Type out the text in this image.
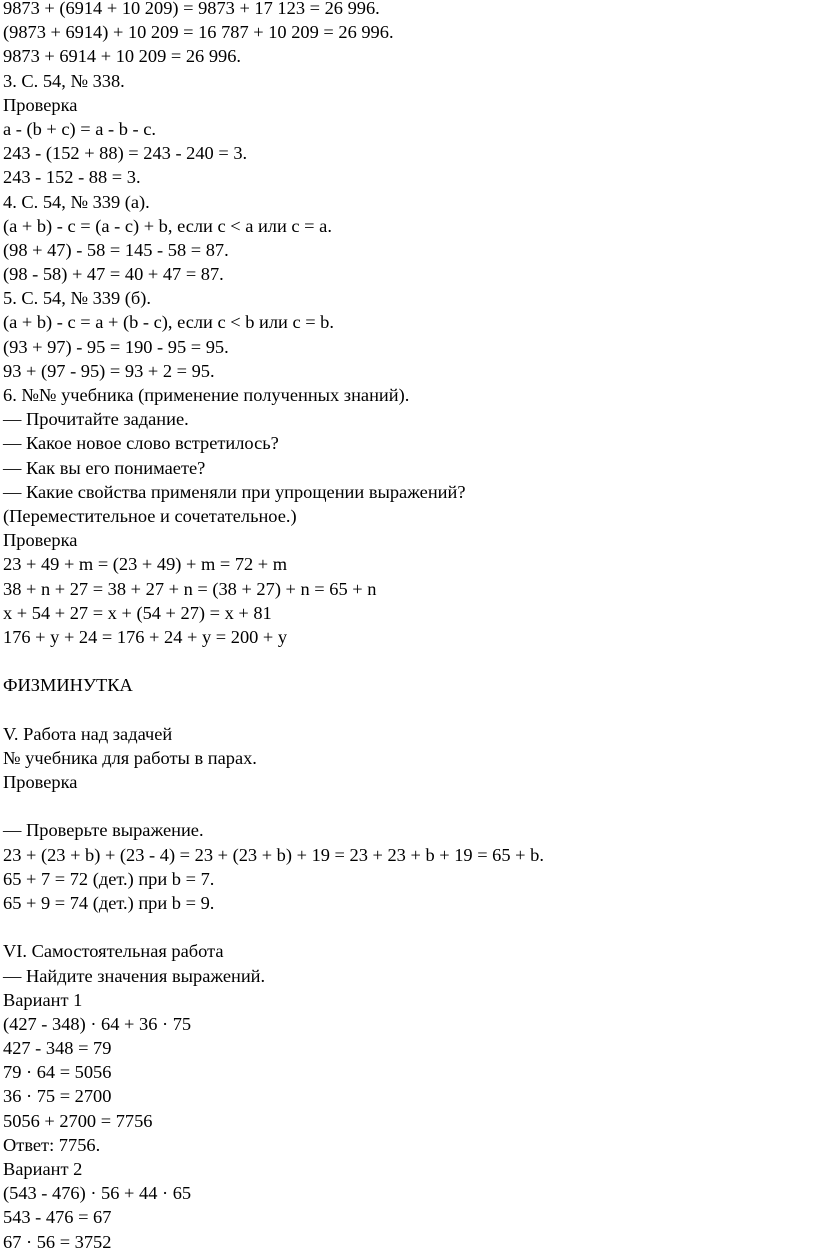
9873 + (6914 + 10 209) = 9873 + 17 123 = 26 996.
(9873 + 6914) + 10 209 = 16 787 + 10 209 = 26 996.
9873 + 6914 + 10 209 = 26 996.
3. С. 54, № 338.
Проверка
a - (b + c) = a - b - c.
243 - (152 + 88) = 243 - 240 = 3.
243 - 152 - 88 = 3.
4. С. 54, № 339 (а).
(a + b) - c = (a - c) + b, если c < a или c = a.
(98 + 47) - 58 = 145 - 58 = 87.
(98 - 58) + 47 = 40 + 47 = 87.
5. С. 54, № 339 (б).
(a + b) - c = a + (b - c), если c < b или c = b.
(93 + 97) - 95 = 190 - 95 = 95.
93 + (97 - 95) = 93 + 2 = 95.
6. №№ учебника (применение полученных знаний).
— Прочитайте задание.
— Какое новое слово встретилось?
— Как вы его понимаете?
— Какие свойства применяли при упрощении выражений?
(Переместительное и сочетательное.)
Проверка
23 + 49 + m = (23 + 49) + m = 72 + m
38 + n + 27 = 38 + 27 + n = (38 + 27) + n = 65 + n
x + 54 + 27 = x + (54 + 27) = x + 81
176 + y + 24 = 176 + 24 + y = 200 + y
ФИЗМИНУТКА
V. Работа над задачей
№ учебника для работы в парах.
Проверка
— Проверьте выражение.
23 + (23 + b) + (23 - 4) = 23 + (23 + b) + 19 = 23 + 23 + b + 19 = 65 + b.
65 + 7 = 72 (дет.) при b = 7.
65 + 9 = 74 (дет.) при b = 9.
VI. Самостоятельная работа
— Найдите значения выражений.
Вариант 1
(427 - 348) · 64 + 36 · 75
427 - 348 = 79
79 · 64 = 5056
36 · 75 = 2700
5056 + 2700 = 7756
Ответ: 7756.
Вариант 2
(543 - 476) · 56 + 44 · 65
543 - 476 = 67
67 · 56 = 3752
